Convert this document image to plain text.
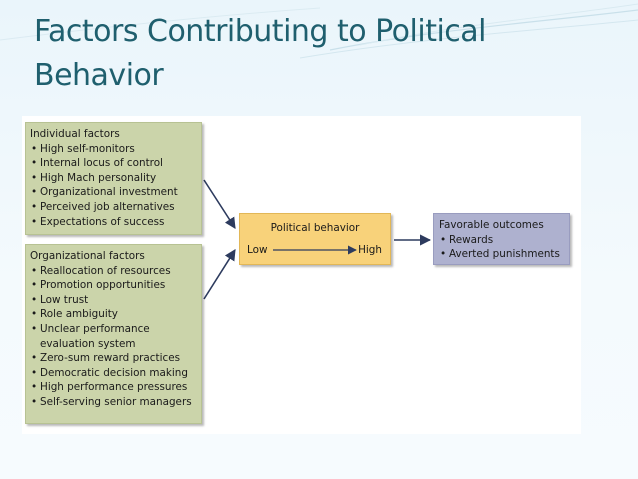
Factors Contributing to Political Behavior
Individual factors
• High self-monitors
• Internal locus of control
• High Mach personality
• Organizational investment
• Perceived job alternatives
• Expectations of success
Organizational factors
• Reallocation of resources
• Promotion opportunities
• Low trust
• Role ambiguity
• Unclear performance
evaluation system
• Zero-sum reward practices
• Democratic decision making
• High performance pressures
• Self-serving senior managers
Political behavior
Low	High
Favorable outcomes
• Rewards
• Averted punishments
